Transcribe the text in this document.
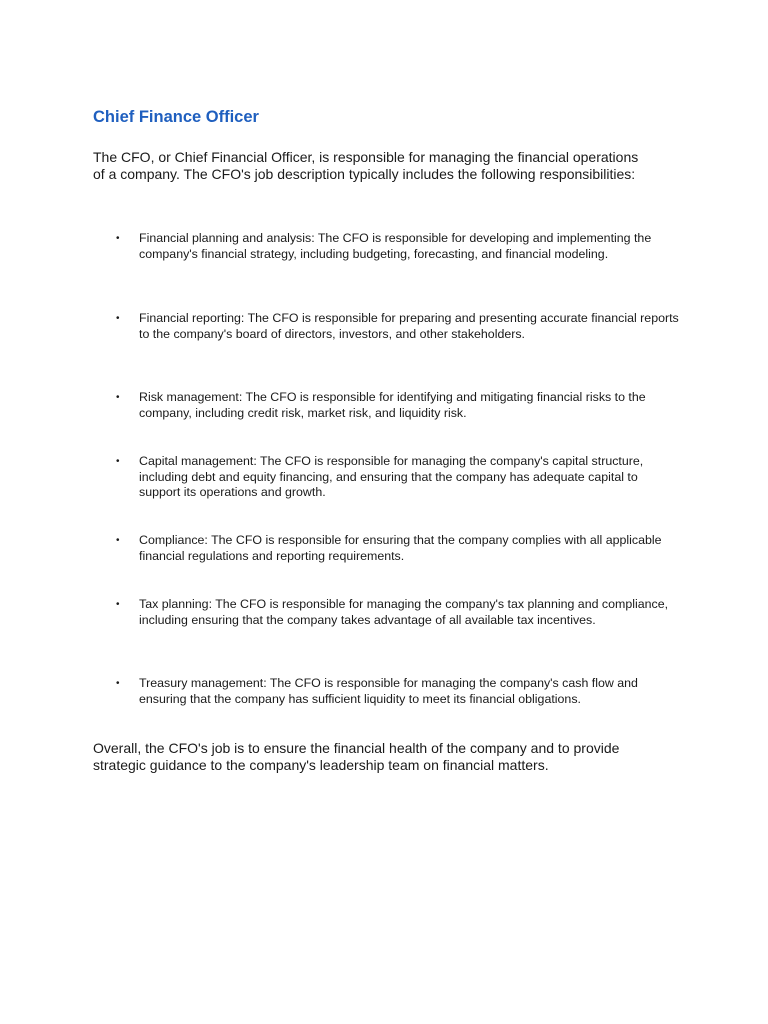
Chief Finance Officer

The CFO, or Chief Financial Officer, is responsible for managing the financial operations of a company. The CFO's job description typically includes the following responsibilities:

• Financial planning and analysis: The CFO is responsible for developing and implementing the company's financial strategy, including budgeting, forecasting, and financial modeling.
• Financial reporting: The CFO is responsible for preparing and presenting accurate financial reports to the company's board of directors, investors, and other stakeholders.
• Risk management: The CFO is responsible for identifying and mitigating financial risks to the company, including credit risk, market risk, and liquidity risk.
• Capital management: The CFO is responsible for managing the company's capital structure, including debt and equity financing, and ensuring that the company has adequate capital to support its operations and growth.
• Compliance: The CFO is responsible for ensuring that the company complies with all applicable financial regulations and reporting requirements.
• Tax planning: The CFO is responsible for managing the company's tax planning and compliance, including ensuring that the company takes advantage of all available tax incentives.
• Treasury management: The CFO is responsible for managing the company's cash flow and ensuring that the company has sufficient liquidity to meet its financial obligations.

Overall, the CFO's job is to ensure the financial health of the company and to provide strategic guidance to the company's leadership team on financial matters.
